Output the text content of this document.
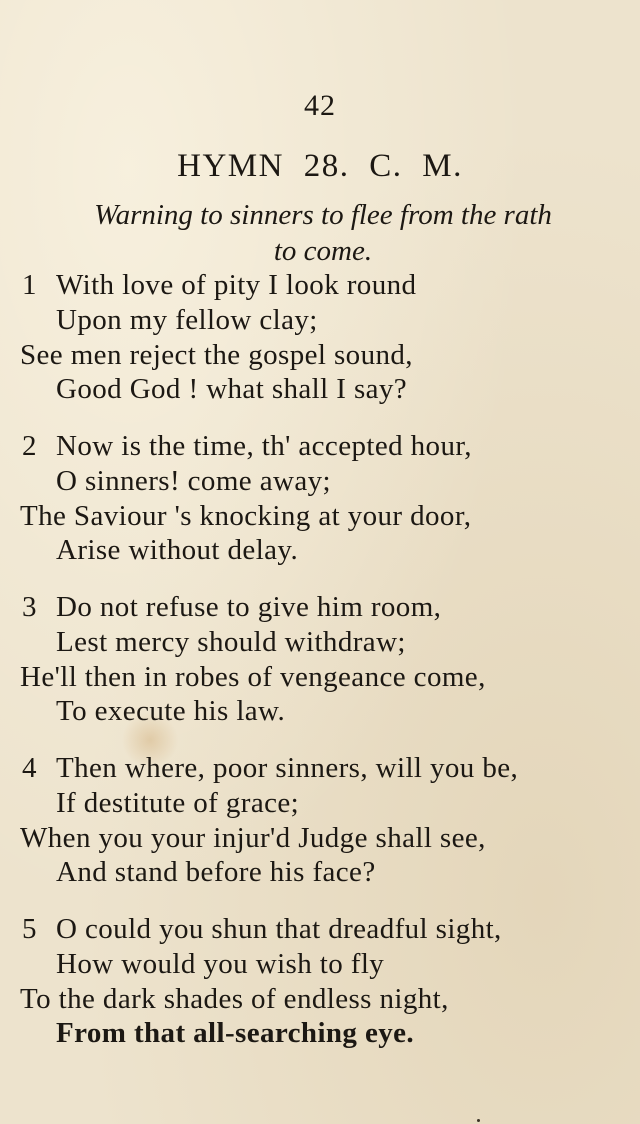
42
HYMN 28. C. M.
Warning to sinners to flee from the rath
to come.
1 With love of pity I look round
Upon my fellow clay;
See men reject the gospel sound,
Good God ! what shall I say?
2 Now is the time, th' accepted hour,
O sinners! come away;
The Saviour 's knocking at your door,
Arise without delay.
3 Do not refuse to give him room,
Lest mercy should withdraw;
He'll then in robes of vengeance come,
To execute his law.
4 Then where, poor sinners, will you be,
If destitute of grace;
When you your injur'd Judge shall see,
And stand before his face?
5 O could you shun that dreadful sight,
How would you wish to fly
To the dark shades of endless night,
From that all-searching eye.
